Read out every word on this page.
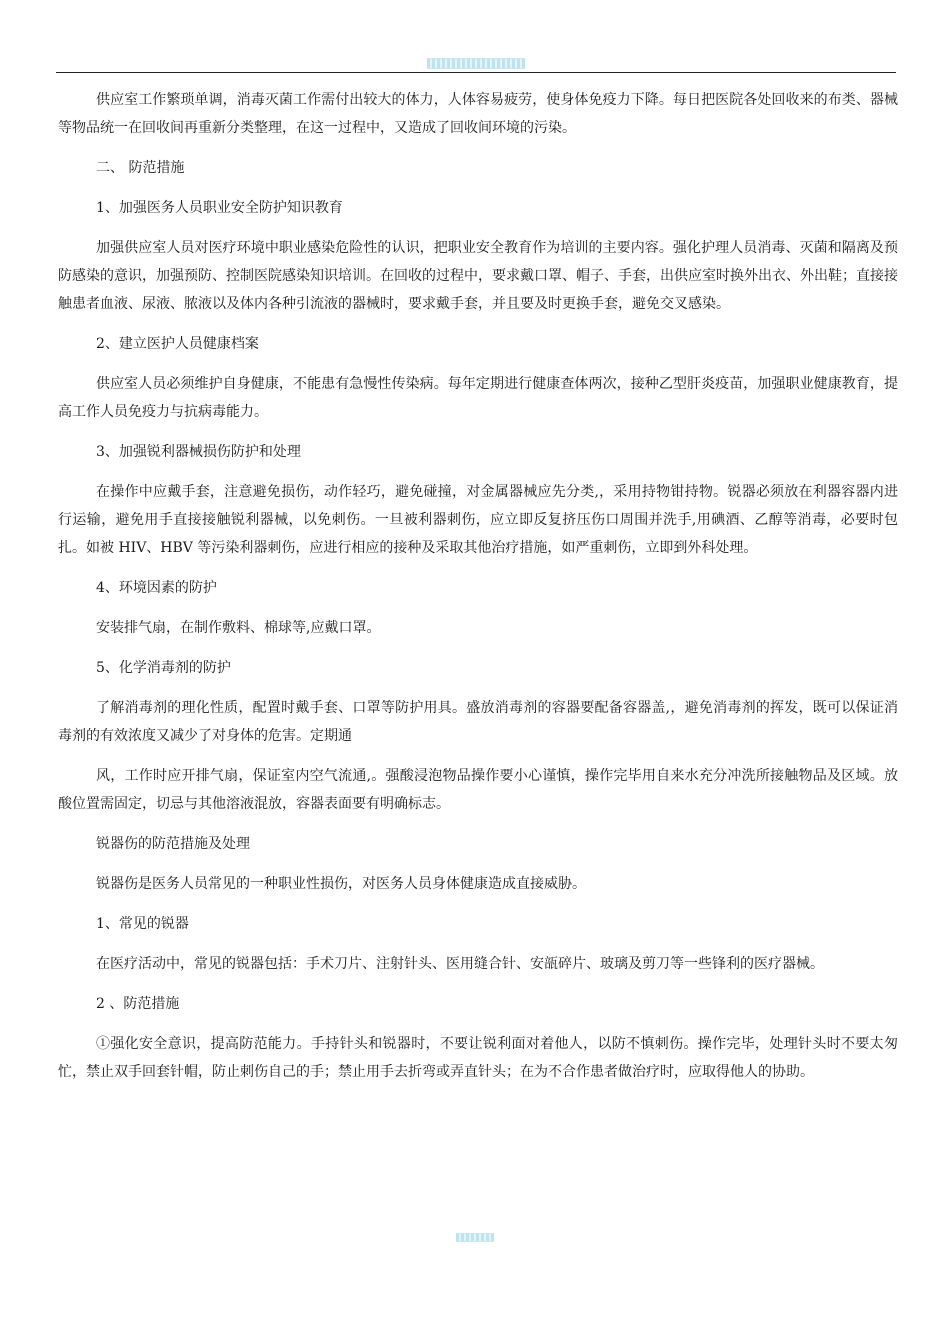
供应室工作繁琐单调，消毒灭菌工作需付出较大的体力，人体容易疲劳，使身体免疫力下降。每日把医院各处回收来的布类、器械等物品统一在回收间再重新分类整理，在这一过程中，又造成了回收间环境的污染。

二、 防范措施

1、加强医务人员职业安全防护知识教育

加强供应室人员对医疗环境中职业感染危险性的认识，把职业安全教育作为培训的主要内容。强化护理人员消毒、灭菌和隔离及预防感染的意识，加强预防、控制医院感染知识培训。在回收的过程中，要求戴口罩、帽子、手套，出供应室时换外出衣、外出鞋；直接接触患者血液、尿液、脓液以及体内各种引流液的器械时，要求戴手套，并且要及时更换手套，避免交叉感染。

2、建立医护人员健康档案

供应室人员必须维护自身健康，不能患有急慢性传染病。每年定期进行健康查体两次，接种乙型肝炎疫苗，加强职业健康教育，提高工作人员免疫力与抗病毒能力。

3、加强锐利器械损伤防护和处理

在操作中应戴手套，注意避免损伤，动作轻巧，避免碰撞，对金属器械应先分类,，采用持物钳持物。锐器必须放在利器容器内进行运输，避免用手直接接触锐利器械，以免刺伤。一旦被利器刺伤，应立即反复挤压伤口周围并洗手,用碘酒、乙醇等消毒，必要时包扎。如被 HIV、HBV 等污染利器刺伤，应进行相应的接种及采取其他治疗措施，如严重刺伤，立即到外科处理。

4、环境因素的防护

安装排气扇，在制作敷料、棉球等,应戴口罩。

5、化学消毒剂的防护

了解消毒剂的理化性质，配置时戴手套、口罩等防护用具。盛放消毒剂的容器要配备容器盖,，避免消毒剂的挥发，既可以保证消毒剂的有效浓度又减少了对身体的危害。定期通

风，工作时应开排气扇，保证室内空气流通,。强酸浸泡物品操作要小心谨慎，操作完毕用自来水充分冲洗所接触物品及区域。放酸位置需固定，切忌与其他溶液混放，容器表面要有明确标志。

锐器伤的防范措施及处理

锐器伤是医务人员常见的一种职业性损伤，对医务人员身体健康造成直接威胁。

1、常见的锐器

在医疗活动中，常见的锐器包括：手术刀片、注射针头、医用缝合针、安瓿碎片、玻璃及剪刀等一些锋利的医疗器械。

2 、防范措施

①强化安全意识，提高防范能力。手持针头和锐器时，不要让锐利面对着他人，以防不慎刺伤。操作完毕，处理针头时不要太匆忙，禁止双手回套针帽，防止刺伤自己的手；禁止用手去折弯或弄直针头；在为不合作患者做治疗时，应取得他人的协助。
